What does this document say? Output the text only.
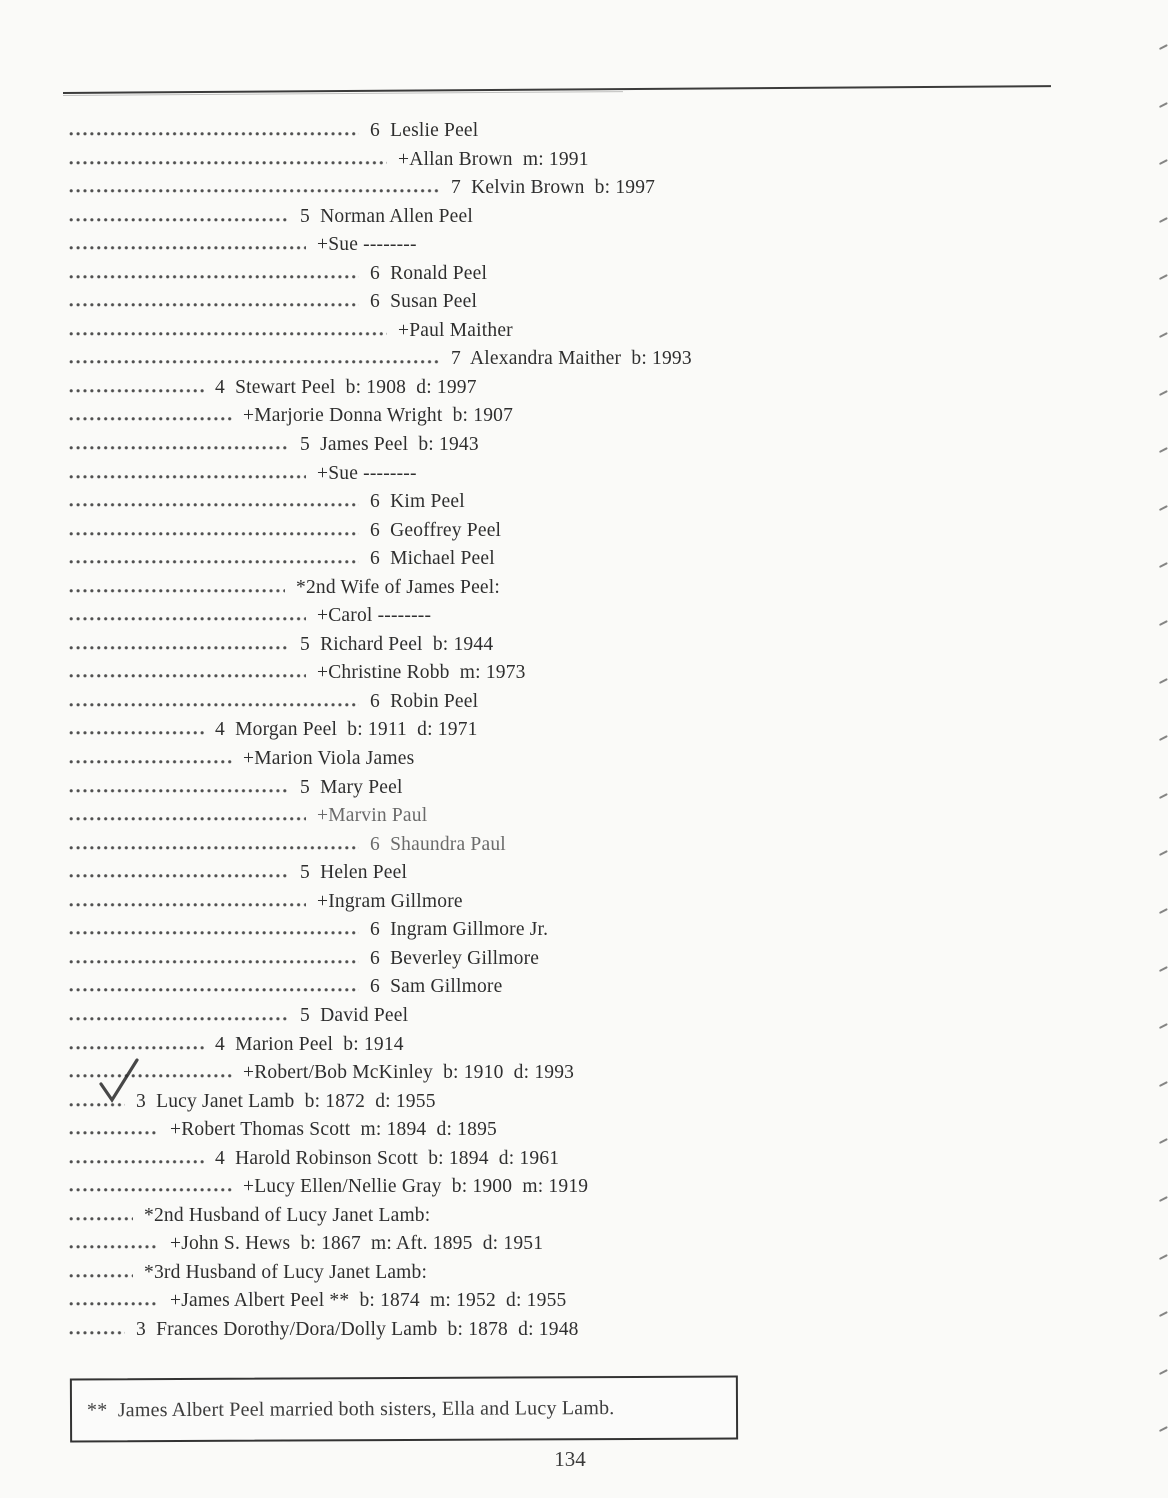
6  Leslie Peel
+Allan Brown  m: 1991
7  Kelvin Brown  b: 1997
5  Norman Allen Peel
+Sue --------
6  Ronald Peel
6  Susan Peel
+Paul Maither
7  Alexandra Maither  b: 1993
4  Stewart Peel  b: 1908  d: 1997
+Marjorie Donna Wright  b: 1907
5  James Peel  b: 1943
+Sue --------
6  Kim Peel
6  Geoffrey Peel
6  Michael Peel
*2nd Wife of James Peel:
+Carol --------
5  Richard Peel  b: 1944
+Christine Robb  m: 1973
6  Robin Peel
4  Morgan Peel  b: 1911  d: 1971
+Marion Viola James
5  Mary Peel
+Marvin Paul
6  Shaundra Paul
5  Helen Peel
+Ingram Gillmore
6  Ingram Gillmore Jr.
6  Beverley Gillmore
6  Sam Gillmore
5  David Peel
4  Marion Peel  b: 1914
+Robert/Bob McKinley  b: 1910  d: 1993
3  Lucy Janet Lamb  b: 1872  d: 1955
+Robert Thomas Scott  m: 1894  d: 1895
4  Harold Robinson Scott  b: 1894  d: 1961
+Lucy Ellen/Nellie Gray  b: 1900  m: 1919
*2nd Husband of Lucy Janet Lamb:
+John S. Hews  b: 1867  m: Aft. 1895  d: 1951
*3rd Husband of Lucy Janet Lamb:
+James Albert Peel **  b: 1874  m: 1952  d: 1955
3  Frances Dorothy/Dora/Dolly Lamb  b: 1878  d: 1948
**  James Albert Peel married both sisters, Ella and Lucy Lamb.
134
